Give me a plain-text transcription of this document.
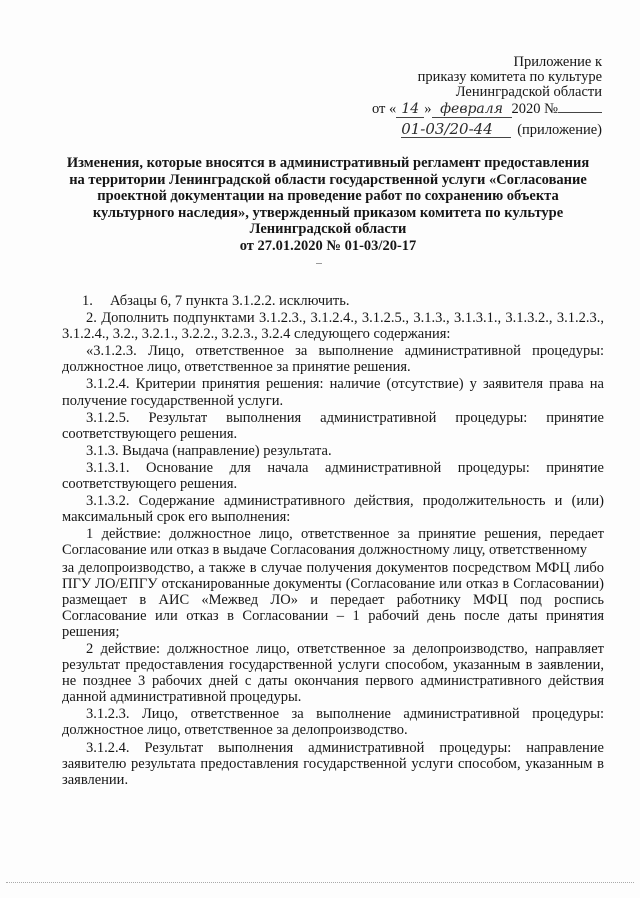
Приложение к
приказу комитета по культуре
Ленинградской области
от « 14 » февраля 2020 №
01-03/20-44 (приложение)
Изменения, которые вносятся в административный регламент предоставления
на территории Ленинградской области государственной услуги «Согласование
проектной документации на проведение работ по сохранению объекта
культурного наследия», утвержденный приказом комитета по культуре
Ленинградской области
от 27.01.2020 № 01-03/20-17
1. Абзацы 6, 7 пункта 3.1.2.2. исключить.
2. Дополнить подпунктами 3.1.2.3., 3.1.2.4., 3.1.2.5., 3.1.3., 3.1.3.1., 3.1.3.2., 3.1.2.3., 3.1.2.4., 3.2., 3.2.1., 3.2.2., 3.2.3., 3.2.4 следующего содержания:

«3.1.2.3. Лицо, ответственное за выполнение административной процедуры: должностное лицо, ответственное за принятие решения.

3.1.2.4. Критерии принятия решения: наличие (отсутствие) у заявителя права на получение государственной услуги.

3.1.2.5. Результат выполнения административной процедуры: принятие соответствующего решения.

3.1.3. Выдача (направление) результата.

3.1.3.1. Основание для начала административной процедуры: принятие соответствующего решения.

3.1.3.2. Содержание административного действия, продолжительность и (или) максимальный срок его выполнения:

1 действие: должностное лицо, ответственное за принятие решения, передает Согласование или отказ в выдаче Согласования должностному лицу, ответственному

за делопроизводство, а также в случае получения документов посредством МФЦ либо ПГУ ЛО/ЕПГУ отсканированные документы (Согласование или отказ в Согласовании) размещает в АИС «Межвед ЛО» и передает работнику МФЦ под роспись Согласование или отказ в Согласовании – 1 рабочий день после даты принятия решения;

2 действие: должностное лицо, ответственное за делопроизводство, направляет результат предоставления государственной услуги способом, указанным в заявлении, не позднее 3 рабочих дней с даты окончания первого административного действия данной административной процедуры.

3.1.2.3. Лицо, ответственное за выполнение административной процедуры: должностное лицо, ответственное за делопроизводство.

3.1.2.4. Результат выполнения административной процедуры: направление заявителю результата предоставления государственной услуги способом, указанным в заявлении.
